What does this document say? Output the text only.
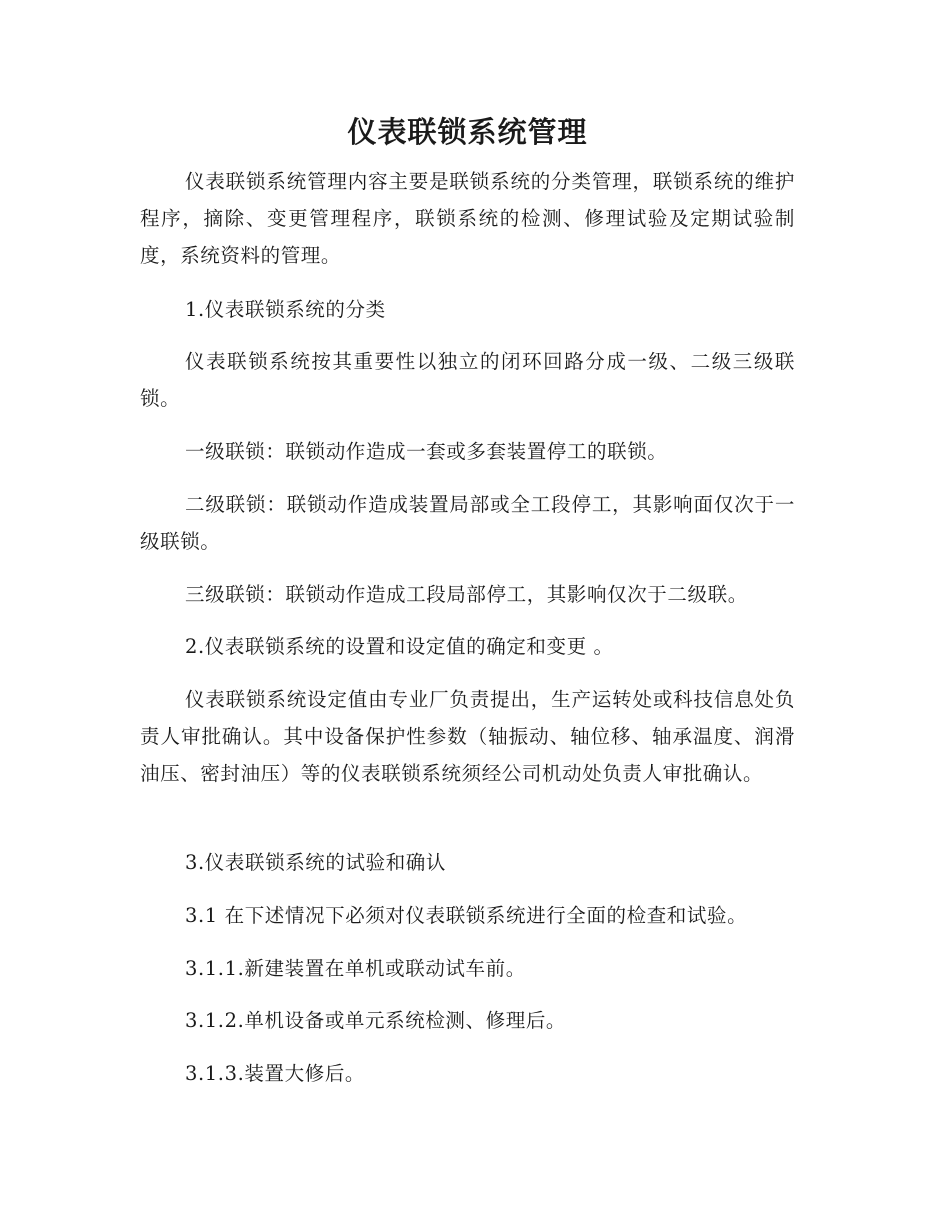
仪表联锁系统管理

仪表联锁系统管理内容主要是联锁系统的分类管理，联锁系统的维护程序，摘除、变更管理程序，联锁系统的检测、修理试验及定期试验制度，系统资料的管理。

1.仪表联锁系统的分类

仪表联锁系统按其重要性以独立的闭环回路分成一级、二级三级联锁。

一级联锁：联锁动作造成一套或多套装置停工的联锁。

二级联锁：联锁动作造成装置局部或全工段停工，其影响面仅次于一级联锁。

三级联锁：联锁动作造成工段局部停工，其影响仅次于二级联。

2.仪表联锁系统的设置和设定值的确定和变更 。

仪表联锁系统设定值由专业厂负责提出，生产运转处或科技信息处负责人审批确认。其中设备保护性参数（轴振动、轴位移、轴承温度、润滑油压、密封油压）等的仪表联锁系统须经公司机动处负责人审批确认。

3.仪表联锁系统的试验和确认

3.1 在下述情况下必须对仪表联锁系统进行全面的检查和试验。

3.1.1.新建装置在单机或联动试车前。

3.1.2.单机设备或单元系统检测、修理后。

3.1.3.装置大修后。
